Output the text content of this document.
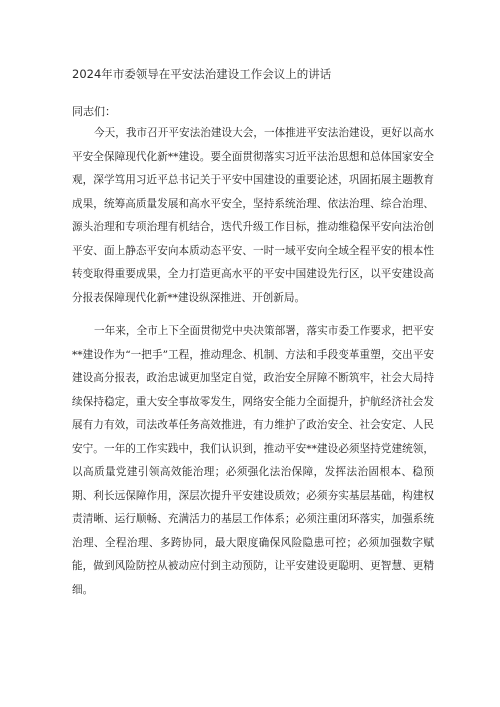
2024年市委领导在平安法治建设工作会议上的讲话
同志们：

今天，我市召开平安法治建设大会，一体推进平安法治建设，更好以高水平安全保障现代化新**建设。要全面贯彻落实习近平法治思想和总体国家安全观，深学笃用习近平总书记关于平安中国建设的重要论述，巩固拓展主题教育成果，统筹高质量发展和高水平安全，坚持系统治理、依法治理、综合治理、源头治理和专项治理有机结合，迭代升级工作目标，推动维稳保平安向法治创平安、面上静态平安向本质动态平安、一时一域平安向全域全程平安的根本性转变取得重要成果，全力打造更高水平的平安中国建设先行区，以平安建设高分报表保障现代化新**建设纵深推进、开创新局。

一年来，全市上下全面贯彻党中央决策部署，落实市委工作要求，把平安**建设作为“一把手”工程，推动理念、机制、方法和手段变革重塑，交出平安建设高分报表，政治忠诚更加坚定自觉，政治安全屏障不断筑牢，社会大局持续保持稳定，重大安全事故零发生，网络安全能力全面提升，护航经济社会发展有力有效，司法改革任务高效推进，有力维护了政治安全、社会安定、人民安宁。一年的工作实践中，我们认识到，推动平安**建设必须坚持党建统领，以高质量党建引领高效能治理；必须强化法治保障，发挥法治固根本、稳预期、利长远保障作用，深层次提升平安建设质效；必须夯实基层基础，构建权责清晰、运行顺畅、充满活力的基层工作体系；必须注重闭环落实，加强系统治理、全程治理、多跨协同，最大限度确保风险隐患可控；必须加强数字赋能，做到风险防控从被动应付到主动预防，让平安建设更聪明、更智慧、更精细。
